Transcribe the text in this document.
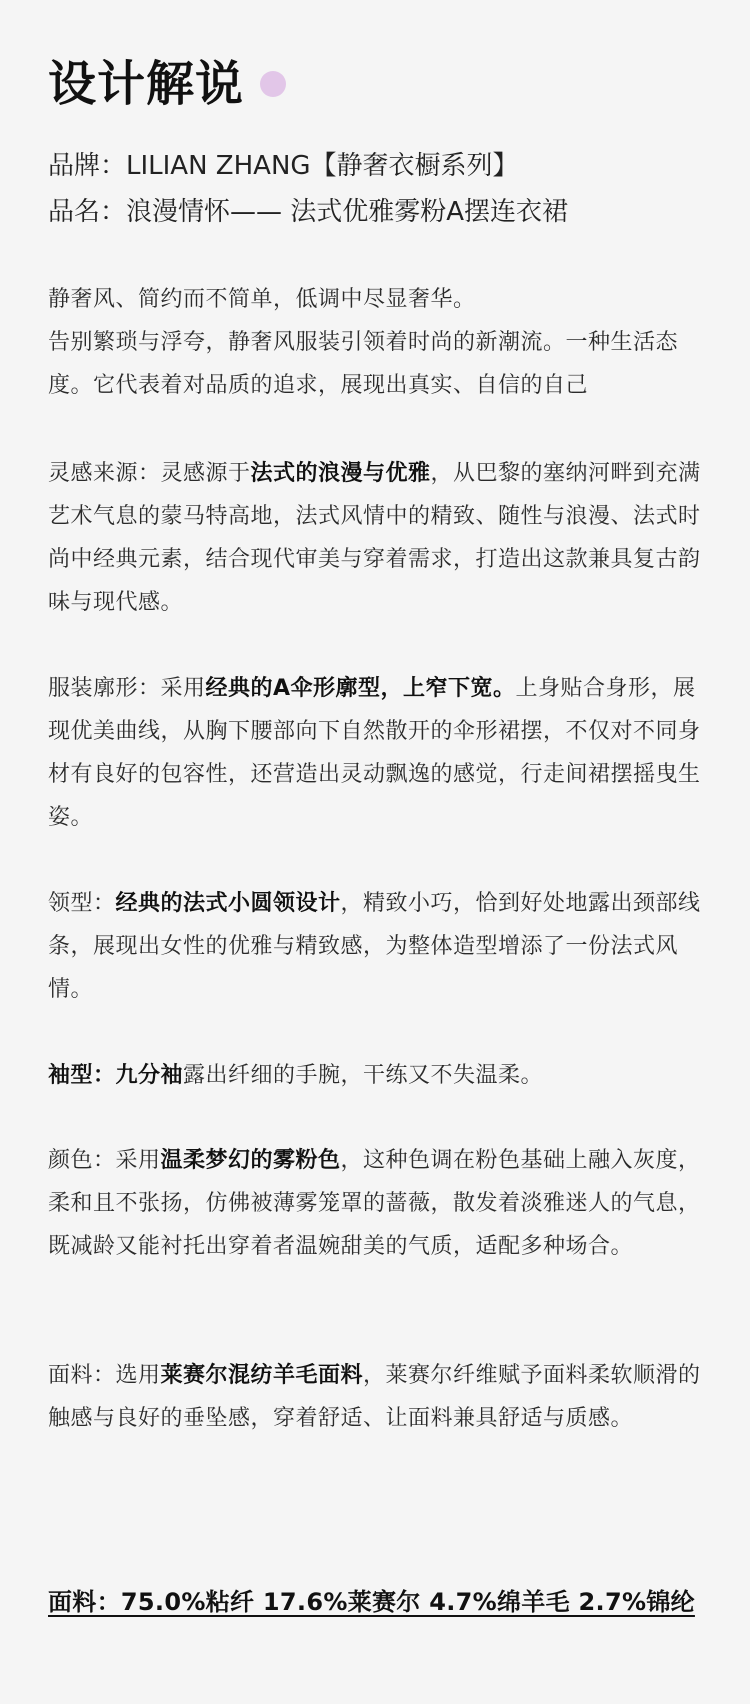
设计解说
品牌：LILIAN ZHANG【静奢衣橱系列】
品名：浪漫情怀—— 法式优雅雾粉A摆连衣裙
静奢风、简约而不简单，低调中尽显奢华。
告别繁琐与浮夸，静奢风服装引领着时尚的新潮流。一种生活态度。它代表着对品质的追求，展现出真实、自信的自己
灵感来源：灵感源于法式的浪漫与优雅，从巴黎的塞纳河畔到充满艺术气息的蒙马特高地，法式风情中的精致、随性与浪漫、法式时尚中经典元素，结合现代审美与穿着需求，打造出这款兼具复古韵味与现代感。
服装廓形：采用经典的A伞形廓型，上窄下宽。上身贴合身形，展现优美曲线，从胸下腰部向下自然散开的伞形裙摆，不仅对不同身材有良好的包容性，还营造出灵动飘逸的感觉，行走间裙摆摇曳生姿。
领型：经典的法式小圆领设计，精致小巧，恰到好处地露出颈部线条，展现出女性的优雅与精致感，为整体造型增添了一份法式风情。
袖型：九分袖露出纤细的手腕，干练又不失温柔。
颜色：采用温柔梦幻的雾粉色，这种色调在粉色基础上融入灰度，柔和且不张扬，仿佛被薄雾笼罩的蔷薇，散发着淡雅迷人的气息，既减龄又能衬托出穿着者温婉甜美的气质，适配多种场合。
面料：选用莱赛尔混纺羊毛面料，莱赛尔纤维赋予面料柔软顺滑的触感与良好的垂坠感，穿着舒适、让面料兼具舒适与质感。
面料：75.0%粘纤 17.6%莱赛尔 4.7%绵羊毛 2.7%锦纶
